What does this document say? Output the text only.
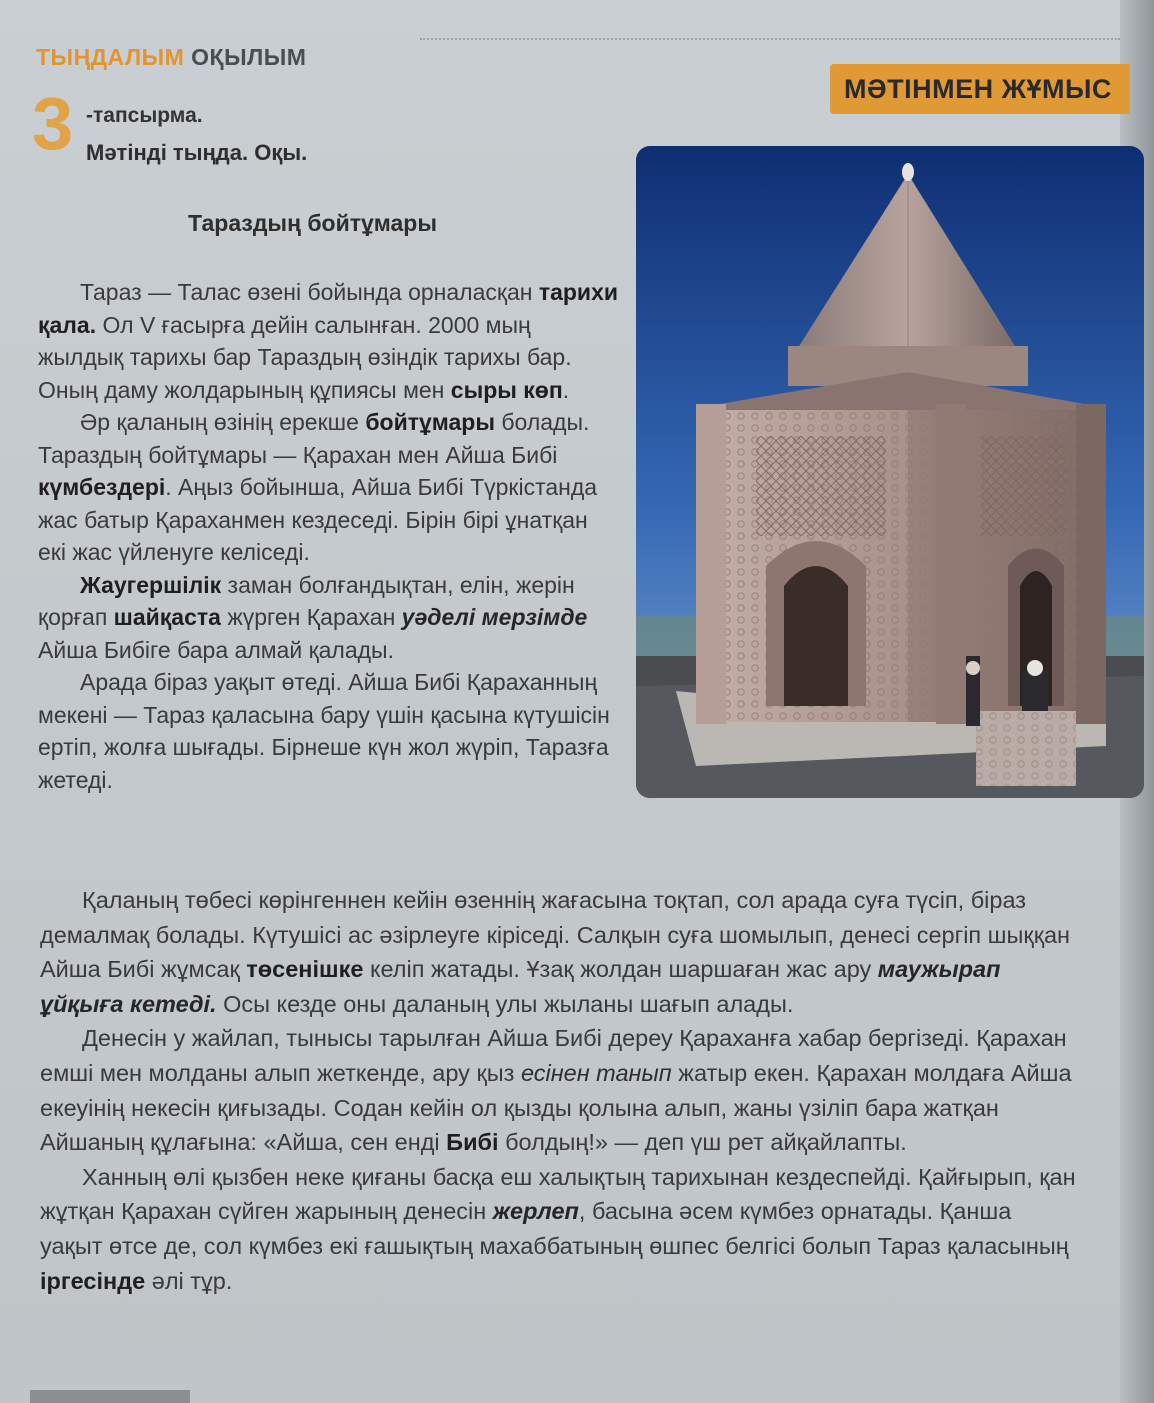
ТЫҢДАЛЫМ ОҚЫЛЫМ
МӘТІНМЕН ЖҰМЫС
3 -тапсырма.
Мәтінді тыңда. Оқы.
Тараздың бойтұмары

Тараз — Талас өзені бойында орналасқан тарихи қала. Ол V ғасырға дейін салынған. 2000 мың жылдық тарихы бар Тараздың өзіндік тарихы бар. Оның даму жолдарының құпиясы мен сыры көп.

Әр қаланың өзінің ерекше бойтұмары болады. Тараздың бойтұмары — Қарахан мен Айша Бибі күмбездері. Аңыз бойынша, Айша Бибі Түркістанда жас батыр Қараханмен кездеседі. Бірін бірі ұнатқан екі жас үйленуге келіседі.

Жаугершілік заман болғандықтан, елін, жерін қорғап шайқаста жүрген Қарахан уәделі мерзімде Айша Бибіге бара алмай қалады.

Арада біраз уақыт өтеді. Айша Бибі Қараханның мекені — Тараз қаласына бару үшін қасына күтушісін ертіп, жолға шығады. Бірнеше күн жол жүріп, Таразға жетеді.

Қаланың төбесі көрінгеннен кейін өзеннің жағасына тоқтап, сол арада суға түсіп, біраз демалмақ болады. Күтушісі ас әзірлеуге кіріседі. Салқын суға шомылып, денесі сергіп шыққан Айша Бибі жұмсақ төсенішке келіп жатады. Ұзақ жолдан шаршаған жас ару маужырап ұйқыға кетеді. Осы кезде оны даланың улы жыланы шағып алады.

Денесін у жайлап, тынысы тарылған Айша Бибі дереу Қараханға хабар бергізеді. Қарахан емші мен молданы алып жеткенде, ару қыз есінен танып жатыр екен. Қарахан молдаға Айша екеуінің некесін қиғызады. Содан кейін ол қызды қолына алып, жаны үзіліп бара жатқан Айшаның құлағына: «Айша, сен енді Бибі болдың!» — деп үш рет айқайлапты.

Ханның өлі қызбен неке қиғаны басқа еш халықтың тарихынан кездеспейді. Қайғырып, қан жұтқан Қарахан сүйген жарының денесін жерлеп, басына әсем күмбез орнатады. Қанша уақыт өтсе де, сол күмбез екі ғашықтың махаббатының өшпес белгісі болып Тараз қаласының іргесінде әлі тұр.
